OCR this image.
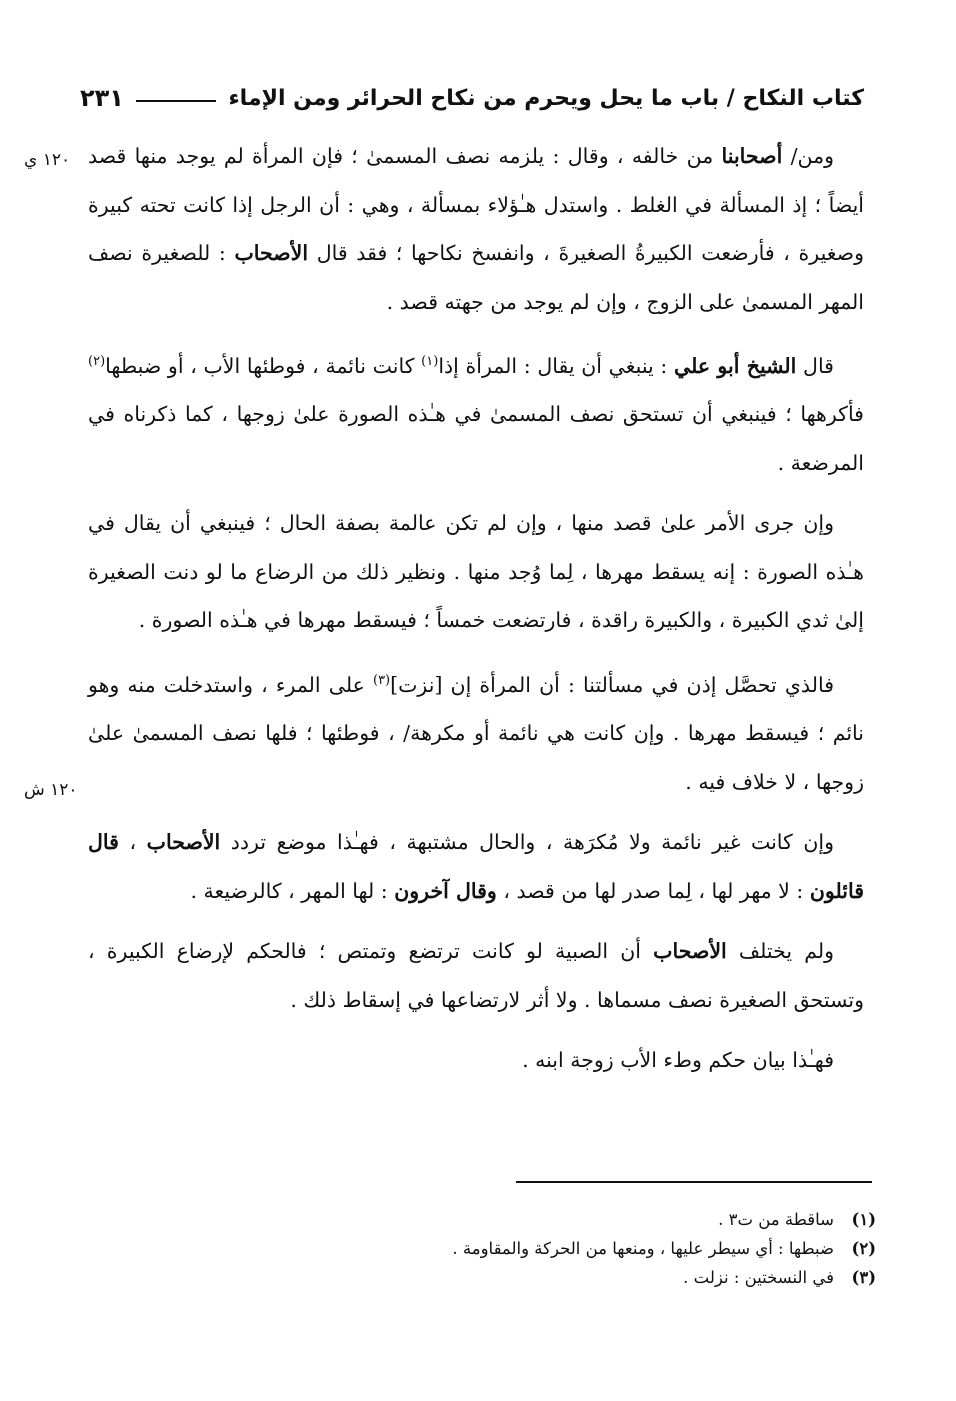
كتاب النكاح / باب ما يحل ويحرم من نكاح الحرائر ومن الإماء
٢٣١
١٢٠ ي
١٢٠ ش

ومن/ أصحابنا من خالفه ، وقال : يلزمه نصف المسمىٰ ؛ فإن المرأة لم يوجد منها قصد أيضاً ؛ إذ المسألة في الغلط . واستدل هـٰؤلاء بمسألة ، وهي : أن الرجل إذا كانت تحته كبيرة وصغيرة ، فأرضعت الكبيرةُ الصغيرةَ ، وانفسخ نكاحها ؛ فقد قال الأصحاب : للصغيرة نصف المهر المسمىٰ على الزوج ، وإن لم يوجد من جهته قصد .

قال الشيخ أبو علي : ينبغي أن يقال : المرأة إذا$^{(١)}$ كانت نائمة ، فوطئها الأب ، أو ضبطها$^{(٢)}$ فأكرهها ؛ فينبغي أن تستحق نصف المسمىٰ في هـٰذه الصورة علىٰ زوجها ، كما ذكرناه في المرضعة .

وإن جرى الأمر علىٰ قصد منها ، وإن لم تكن عالمة بصفة الحال ؛ فينبغي أن يقال في هـٰذه الصورة : إنه يسقط مهرها ، لِما وُجد منها . ونظير ذلك من الرضاع ما لو دنت الصغيرة إلىٰ ثدي الكبيرة ، والكبيرة راقدة ، فارتضعت خمساً ؛ فيسقط مهرها في هـٰذه الصورة .

فالذي تحصَّل إذن في مسألتنا : أن المرأة إن [نزت]$^{(٣)}$ على المرء ، واستدخلت منه وهو نائم ؛ فيسقط مهرها . وإن كانت هي نائمة أو مكرهة/ ، فوطئها ؛ فلها نصف المسمىٰ علىٰ زوجها ، لا خلاف فيه .

وإن كانت غير نائمة ولا مُكرَهة ، والحال مشتبهة ، فهـٰذا موضع تردد الأصحاب ، قال قائلون : لا مهر لها ، لِما صدر لها من قصد ، وقال آخرون : لها المهر ، كالرضيعة .

ولم يختلف الأصحاب أن الصبية لو كانت ترتضع وتمتص ؛ فالحكم لإرضاع الكبيرة ، وتستحق الصغيرة نصف مسماها . ولا أثر لارتضاعها في إسقاط ذلك .

فهـٰذا بيان حكم وطء الأب زوجة ابنه .

(١)
ساقطة من ت٣ .
(٢)
ضبطها : أي سيطر عليها ، ومنعها من الحركة والمقاومة .
(٣)
في النسختين : نزلت .
